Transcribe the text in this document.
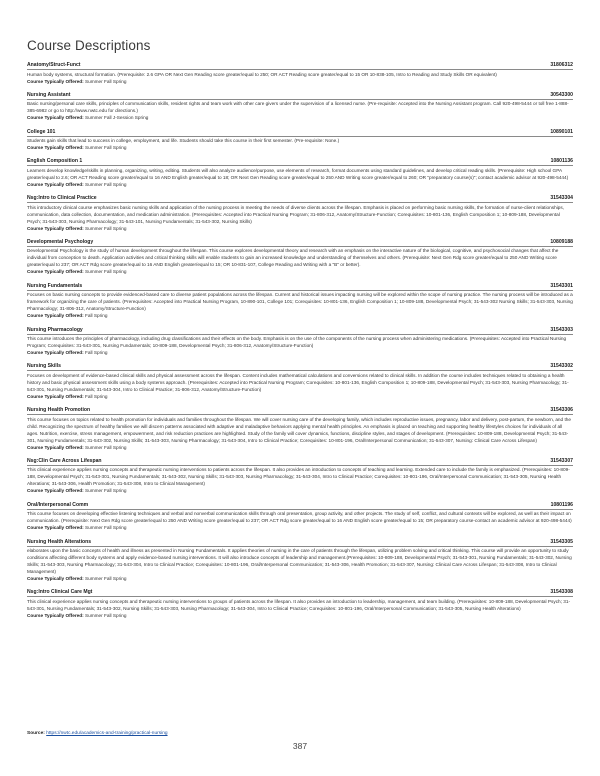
Course Descriptions
Anatomy/Struct-Funct	31806312
Human body systems, structural formation. (Prerequisite: 2.6 GPA OR Next Gen Reading score greater/equal to 250; OR ACT Reading score greater/equal to 15 OR 10-838-105, Intro to Reading and Study Skills OR equivalent)
Course Typically Offered: Summer Fall Spring
Nursing Assistant	30543300
Basic nursing/personal care skills, principles of communication skills, resident rights and team work with other care givers under the supervision of a licensed nurse. (Pre-requisite: Accepted into the Nursing Assistant program. Call 920-498-5444 or toll free 1-888-385-6982 or go to http://www.nwtc.edu for directions.)
Course Typically Offered: Summer Fall J-Session Spring
College 101	10890101
Students gain skills that lead to success in college, employment, and life. Students should take this course in their first semester. (Pre-requisite: None.)
Course Typically Offered: Summer Fall Spring
English Composition 1	10801136
Learners develop knowledge/skills in planning, organizing, writing, editing. Students will also analyze audience/purpose, use elements of research, format documents using standard guidelines, and develop critical reading skills. (Prerequisite: High school GPA greater/equal to 2.6; OR ACT Reading score greater/equal to 16 AND English greater/equal to 18; OR Next Gen Reading score greater/equal to 250 AND Writing score greater/equal to 260; OR "preparatory course(s)"; contact academic advisor at 920-498-5444)
Course Typically Offered: Summer Fall Spring
Nsg:Intro to Clinical Practice	31543304
This introductory clinical course emphasizes basic nursing skills and application of the nursing process in meeting the needs of diverse clients across the lifespan. Emphasis is placed on performing basic nursing skills, the formation of nurse-client relationships, communication, data collection, documentation, and medication administration. (Prerequisites: Accepted into Practical Nursing Program; 31-806-312, Anatomy/Structure-Function; Corequisites: 10-801-136, English Composition 1; 10-809-188, Developmental Psych; 31-543-303, Nursing Pharmacology; 31-543-101, Nursing Fundamentals; 31-543-302, Nursing Skills)
Course Typically Offered: Summer Fall Spring
Developmental Psychology	10809188
Developmental Psychology is the study of human development throughout the lifespan. This course explores developmental theory and research with an emphasis on the interactive nature of the biological, cognitive, and psychosocial changes that affect the individual from conception to death. Application activities and critical thinking skills will enable students to gain an increased knowledge and understanding of themselves and others. (Prerequisite: Next Gen Rdg score greater/equal to 250 AND Writing score greater/equal to 237; OR ACT Rdg score greater/equal to 16 AND English greater/equal to 15; OR 10-831-107, College Reading and Writing with a "B" or better).
Course Typically Offered: Summer Fall Spring
Nursing Fundamentals	31543301
Focuses on basic nursing concepts to provide evidenced-based care to diverse patient populations across the lifespan. Current and historical issues impacting nursing will be explored within the scope of nursing practice. The nursing process will be introduced as a framework for organizing the care of patients. (Prerequisites: Accepted into Practical Nursing Program, 10-890-101, College 101; Corequisites: 10-801-136, English Composition 1; 10-809-188, Developmental Psych; 31-543-302 Nursing Skills; 31-543-303, Nursing Pharmacology; 31-806-312, Anatomy/Structure-Function)
Course Typically Offered: Fall Spring
Nursing Pharmacology	31543303
This course introduces the principles of pharmacology, including drug classifications and their effects on the body. Emphasis is on the use of the components of the nursing process when administering medications. (Prerequisites: Accepted into Practical Nursing Program; Corequisites: 31-543-301, Nursing Fundamentals; 10-809-188, Developmental Psych; 31-806-312, Anatomy/Structure-Function)
Course Typically Offered: Fall Spring
Nursing Skills	31543302
Focuses on development of evidence-based clinical skills and physical assessment across the lifespan. Content includes mathematical calculations and conversions related to clinical skills. In addition the course includes techniques related to obtaining a health history and basic physical assessment skills using a body systems approach. (Prerequisites: Accepted into Practical Nursing Program; Corequisites: 10-801-136, English Composition 1; 10-809-188, Developmental Psych; 31-543-303, Nursing Pharmacology; 31-543-301, Nursing Fundamentals; 31-543-304, Intro to Clinical Practice; 31-806-312, Anatomy/Structure-Function)
Course Typically Offered: Fall Spring
Nursing Health Promotion	31543306
This course focuses on topics related to health promotion for individuals and families throughout the lifespan. We will cover nursing care of the developing family, which includes reproductive issues, pregnancy, labor and delivery, post-partum, the newborn, and the child. Recognizing the spectrum of healthy families we will discern patterns associated with adaptive and maladaptive behaviors applying mental health principles. An emphasis is placed on teaching and supporting healthy lifestyles choices for individuals of all ages. Nutrition, exercise, stress management, empowerment, and risk reduction practices are highlighted. Study of the family will cover dynamics, functions, discipline styles, and stages of development. (Prerequisites: 10-809-188, Developmental Psych; 31-543-301, Nursing Fundamentals; 31-543-302, Nursing Skills; 31-543-303, Nursing Pharmacology; 31-543-304, Intro to Clinical Practice; Corequisites: 10-801-196, Oral/Interpersonal Communication; 31-543-307, Nursing: Clinical Care Across Lifespan)
Course Typically Offered: Summer Fall Spring
Nsg:Clin Care Across Lifespan	31543307
This clinical experience applies nursing concepts and therapeutic nursing interventions to patients across the lifespan. It also provides an introduction to concepts of teaching and learning. Extended care to include the family is emphasized. (Prerequisites: 10-809-188, Developmental Psych; 31-543-301, Nursing Fundamentals; 31-543-302, Nursing Skills; 31-543-303, Nursing Pharmacology; 31-543-304, Intro to Clinical Practice; Corequisites: 10-801-196, Oral/Interpersonal Communication; 31-543-305, Nursing Health Alterations; 31-543-306, Health Promotion; 31-543-308, Intro to Clinical Management)
Course Typically Offered: Summer Fall Spring
Oral/Interpersonal Comm	10801196
This course focuses on developing effective listening techniques and verbal and nonverbal communication skills through oral presentation, group activity, and other projects. The study of self, conflict, and cultural contexts will be explored, as well as their impact on communication. (Prerequisite: Next Gen Rdg score greater/equal to 250 AND Writing score greater/equal to 237; OR ACT Rdg score greater/equal to 16 AND English score greater/equal to 15; OR preparatory course-contact an academic advisor at 920-498-5444)
Course Typically Offered: Summer Fall Spring
Nursing Health Alterations	31543305
elaborates upon the basic concepts of health and illness as presented in Nursing Fundamentals. It applies theories of nursing in the care of patients through the lifespan, utilizing problem solving and critical thinking. This course will provide an opportunity to study conditions affecting different body systems and apply evidence-based nursing interventions. It will also introduce concepts of leadership and management.(Prerequisites: 10-809-188, Developmental Psych; 31-543-301, Nursing Fundamentals; 31-543-302, Nursing Skills; 31-543-303, Nursing Pharmacology; 31-543-304, Intro to Clinical Practice; Corequisites: 10-801-196, Oral/Interpersonal Communication; 31-543-306, Health Promotion; 31-543-307, Nursing: Clinical Care Across Lifespan; 31-543-308, Intro to Clinical Management)
Course Typically Offered: Summer Fall Spring
Nsg:Intro Clinical Care Mgt	31543308
This clinical experience applies nursing concepts and therapeutic nursing interventions to groups of patients across the lifespan. It also provides an introduction to leadership, management, and team building. (Prerequisites: 10-809-188, Developmental Psych; 31-543-301, Nursing Fundamentals; 31-543-302, Nursing Skills; 31-543-303, Nursing Pharmacology; 31-543-304, Intro to Clinical Practice; Corequisites: 10-801-196, Oral/Interpersonal Communication; 31-543-305, Nursing Health Alterations)
Course Typically Offered: Summer Fall Spring
Source: https://nwtc.edu/academics-and-training/practical-nursing
387
